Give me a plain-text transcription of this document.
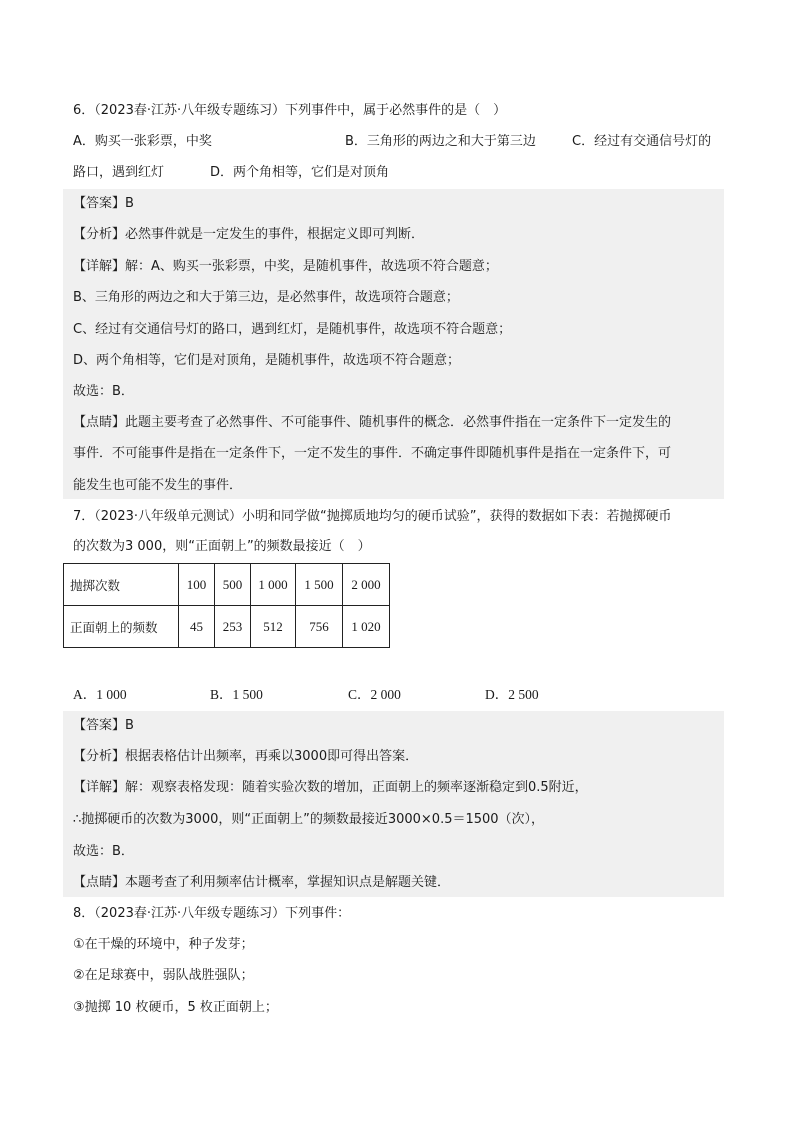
6．（2023春·江苏·八年级专题练习）下列事件中，属于必然事件的是（　）
A．购买一张彩票，中奖	B．三角形的两边之和大于第三边	C．经过有交通信号灯的
路口，遇到红灯	D．两个角相等，它们是对顶角
【答案】B
【分析】必然事件就是一定发生的事件，根据定义即可判断．
【详解】解：A、购买一张彩票，中奖，是随机事件，故选项不符合题意；
B、三角形的两边之和大于第三边，是必然事件，故选项符合题意；
C、经过有交通信号灯的路口，遇到红灯，是随机事件，故选项不符合题意；
D、两个角相等，它们是对顶角，是随机事件，故选项不符合题意；
故选：B．
【点睛】此题主要考查了必然事件、不可能事件、随机事件的概念．必然事件指在一定条件下一定发生的
事件．不可能事件是指在一定条件下，一定不发生的事件．不确定事件即随机事件是指在一定条件下，可
能发生也可能不发生的事件．
7．（2023·八年级单元测试）小明和同学做“抛掷质地均匀的硬币试验”，获得的数据如下表：若抛掷硬币
的次数为3 000，则“正面朝上”的频数最接近（　）
抛掷次数	100	500	1 000	1 500	2 000
正面朝上的频数	45	253	512	756	1 020
A．1 000	B．1 500	C．2 000	D．2 500
【答案】B
【分析】根据表格估计出频率，再乘以3000即可得出答案．
【详解】解：观察表格发现：随着实验次数的增加，正面朝上的频率逐渐稳定到0.5附近，
∴抛掷硬币的次数为3000，则“正面朝上”的频数最接近3000×0.5＝1500（次），
故选：B．
【点睛】本题考查了利用频率估计概率，掌握知识点是解题关键．
8．（2023春·江苏·八年级专题练习）下列事件：
①在干燥的环境中，种子发芽；
②在足球赛中，弱队战胜强队；
③抛掷 10 枚硬币，5 枚正面朝上；
